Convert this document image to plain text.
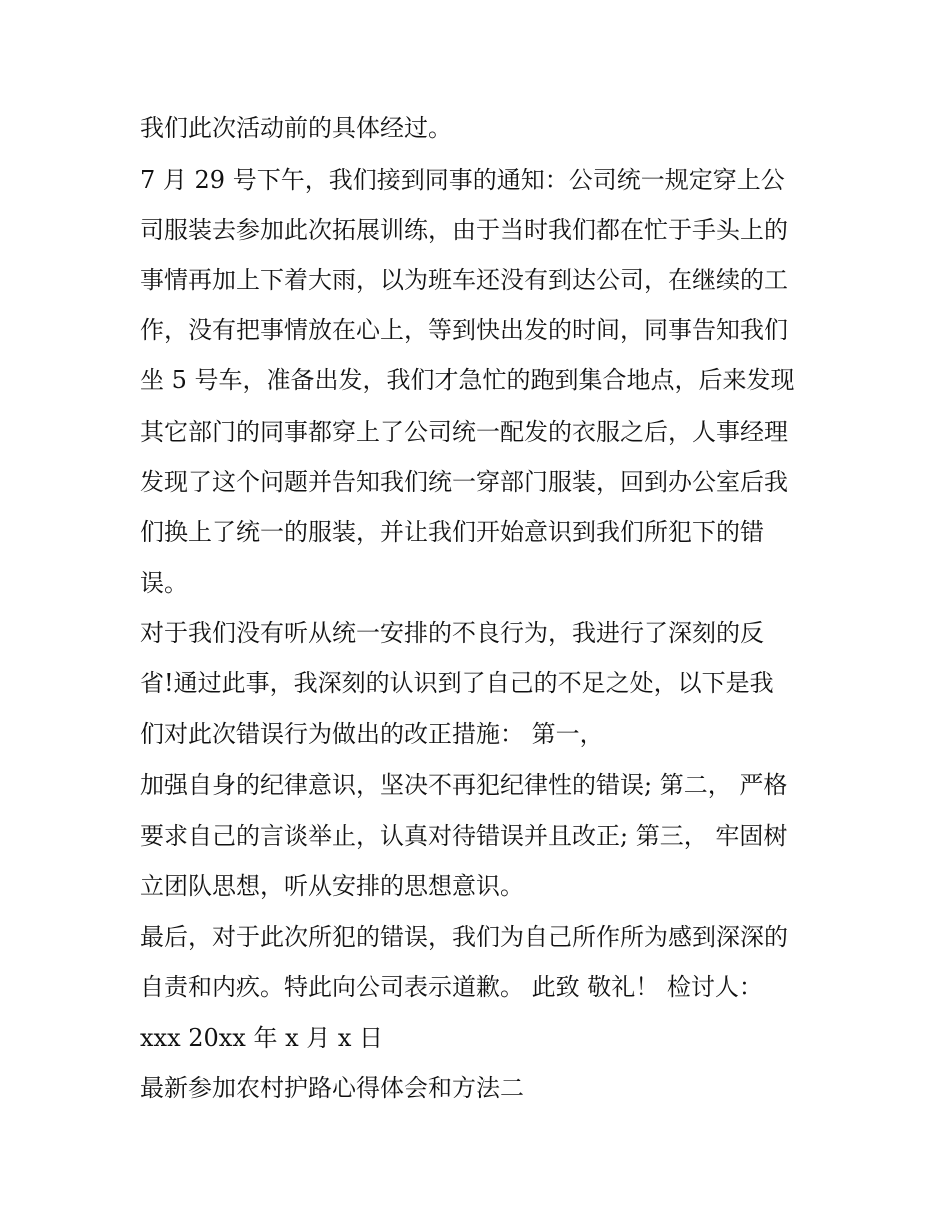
我们此次活动前的具体经过。

7 月 29 号下午，我们接到同事的通知：公司统一规定穿上公

司服装去参加此次拓展训练，由于当时我们都在忙于手头上的

事情再加上下着大雨，以为班车还没有到达公司，在继续的工

作，没有把事情放在心上，等到快出发的时间，同事告知我们

坐 5 号车，准备出发，我们才急忙的跑到集合地点，后来发现

其它部门的同事都穿上了公司统一配发的衣服之后，人事经理

发现了这个问题并告知我们统一穿部门服装，回到办公室后我

们换上了统一的服装，并让我们开始意识到我们所犯下的错

误。

对于我们没有听从统一安排的不良行为，我进行了深刻的反

省!通过此事，我深刻的认识到了自己的不足之处，以下是我

们对此次错误行为做出的改正措施： 第一，

加强自身的纪律意识，坚决不再犯纪律性的错误; 第二， 严格

要求自己的言谈举止，认真对待错误并且改正; 第三， 牢固树

立团队思想，听从安排的思想意识。

最后，对于此次所犯的错误，我们为自己所作所为感到深深的

自责和内疚。特此向公司表示道歉。 此致 敬礼！ 检讨人：

xxx 20xx 年 x 月 x 日

最新参加农村护路心得体会和方法二
